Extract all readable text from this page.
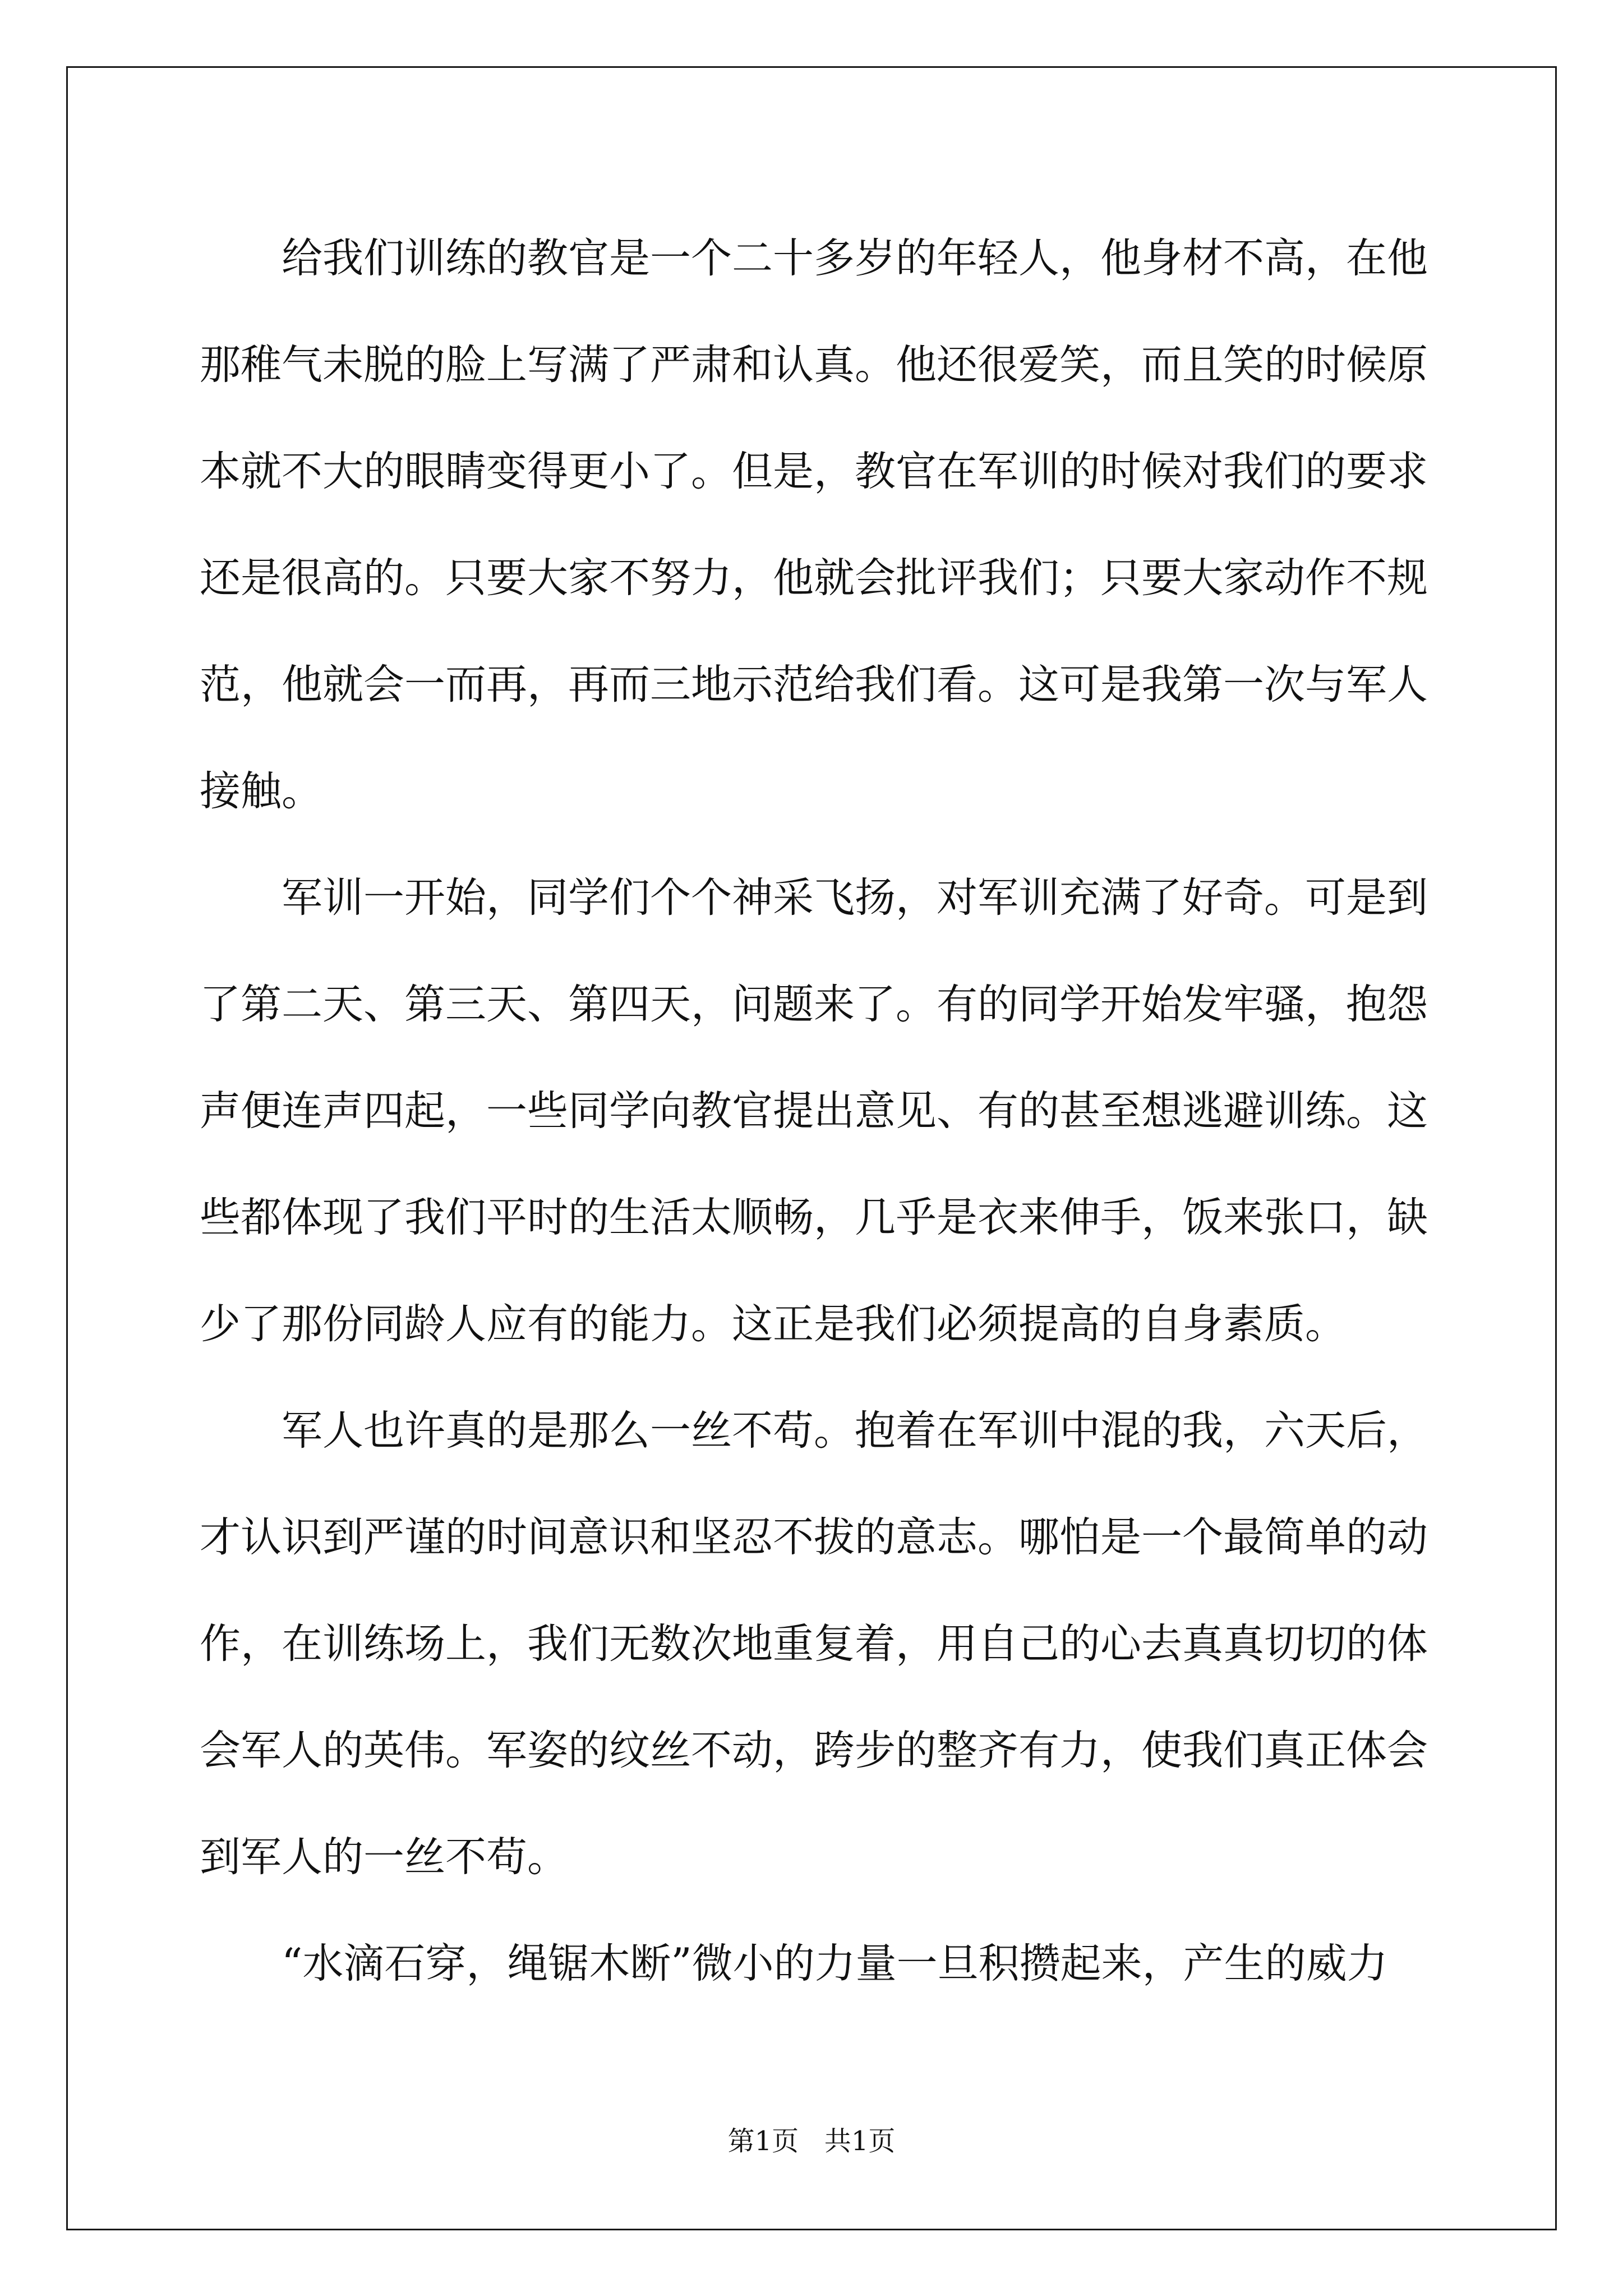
给我们训练的教官是一个二十多岁的年轻人，他身材不高，在他那稚气未脱的脸上写满了严肃和认真。他还很爱笑，而且笑的时候原本就不大的眼睛变得更小了。但是，教官在军训的时候对我们的要求还是很高的。只要大家不努力，他就会批评我们；只要大家动作不规范，他就会一而再，再而三地示范给我们看。这可是我第一次与军人接触。

军训一开始，同学们个个神采飞扬，对军训充满了好奇。可是到了第二天、第三天、第四天，问题来了。有的同学开始发牢骚，抱怨声便连声四起，一些同学向教官提出意见、有的甚至想逃避训练。这些都体现了我们平时的生活太顺畅，几乎是衣来伸手，饭来张口，缺少了那份同龄人应有的能力。这正是我们必须提高的自身素质。

军人也许真的是那么一丝不苟。抱着在军训中混的我，六天后，才认识到严谨的时间意识和坚忍不拔的意志。哪怕是一个最简单的动作，在训练场上，我们无数次地重复着，用自己的心去真真切切的体会军人的英伟。军姿的纹丝不动，跨步的整齐有力，使我们真正体会到军人的一丝不苟。

“水滴石穿，绳锯木断”微小的力量一旦积攒起来，产生的威力

第1页   共1页
